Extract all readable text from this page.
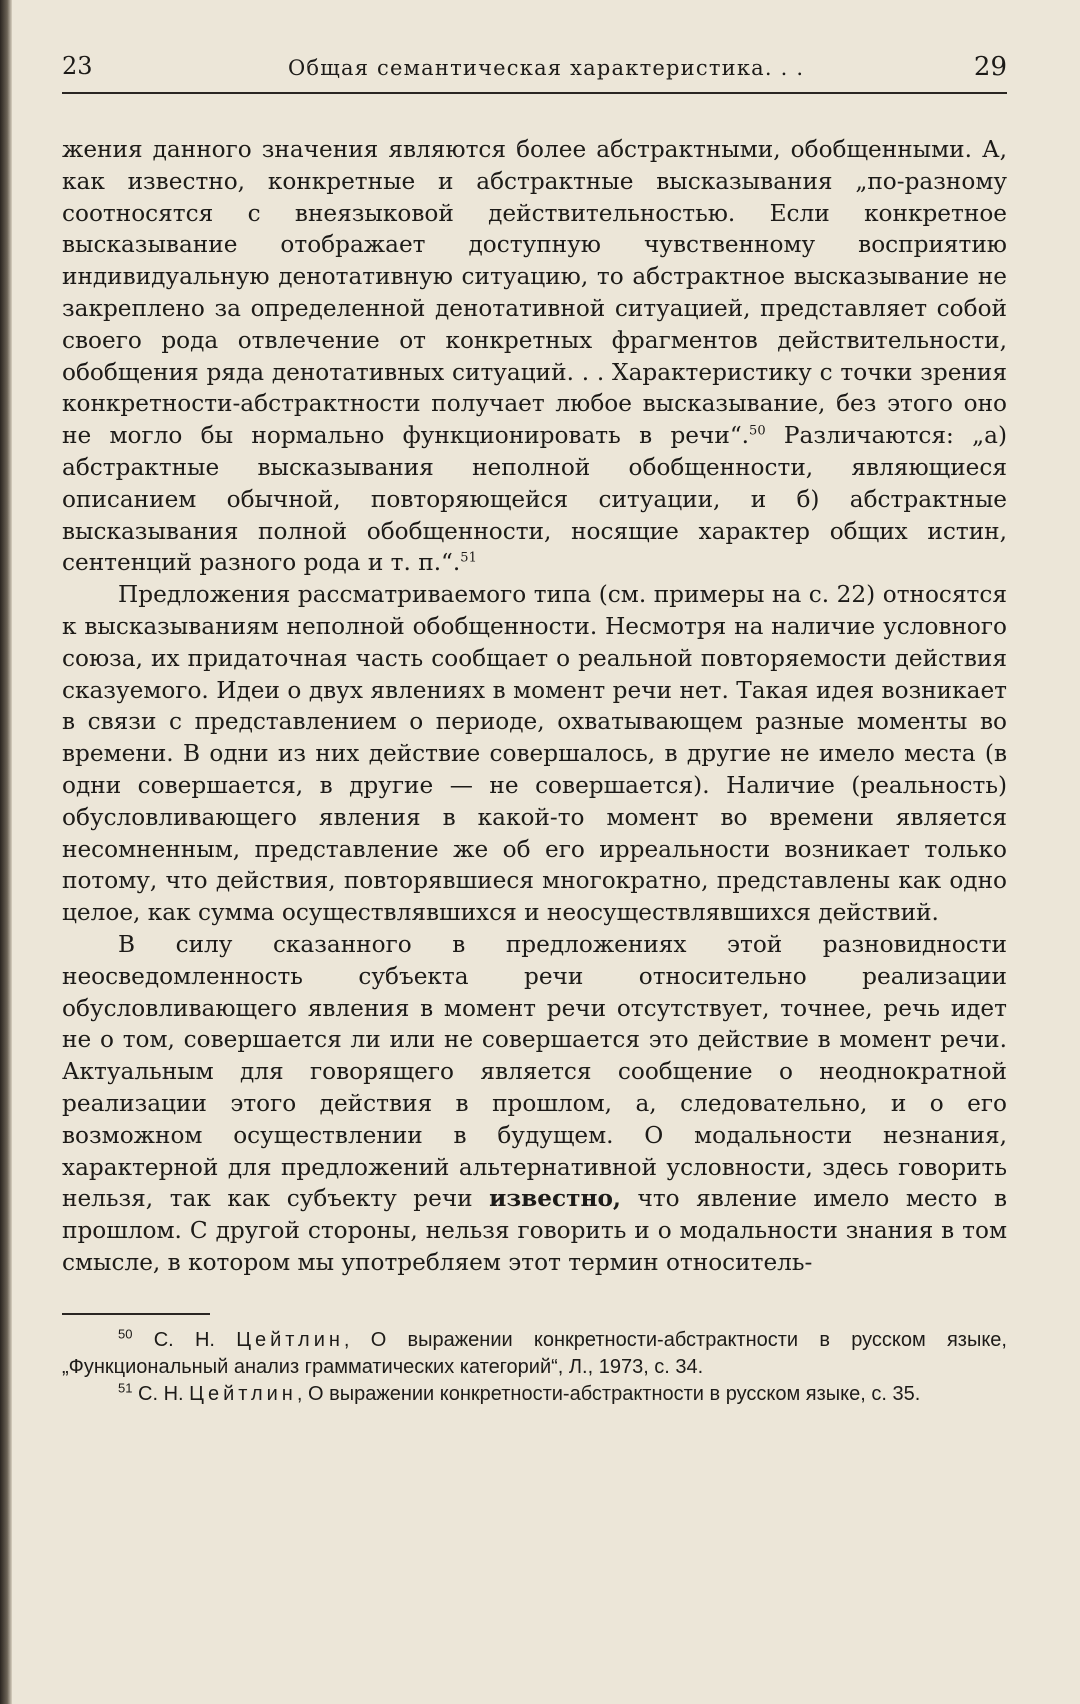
23	Общая семантическая характеристика. . .	29

жения данного значения являются более абстрактными, обобщенными. А, как известно, конкретные и абстрактные высказывания „по-разному соотносятся с внеязыковой действительностью. Если конкретное высказывание отображает доступную чувственному восприятию индивидуальную денотативную ситуацию, то абстрактное высказывание не закреплено за определенной денотативной ситуацией, представляет собой своего рода отвлечение от конкретных фрагментов действительности, обобщения ряда денотативных ситуаций. . . Характеристику с точки зрения конкретности-абстрактности получает любое высказывание, без этого оно не могло бы нормально функционировать в речи“.$^{50}$ Различаются: „а) абстрактные высказывания неполной обобщенности, являющиеся описанием обычной, повторяющейся ситуации, и б) абстрактные высказывания полной обобщенности, носящие характер общих истин, сентенций разного рода и т. п.“.$^{51}$

Предложения рассматриваемого типа (см. примеры на с. 22) относятся к высказываниям неполной обобщенности. Несмотря на наличие условного союза, их придаточная часть сообщает о реальной повторяемости действия сказуемого. Идеи о двух явлениях в момент речи нет. Такая идея возникает в связи с представлением о периоде, охватывающем разные моменты во времени. В одни из них действие совершалось, в другие не имело места (в одни совершается, в другие — не совершается). Наличие (реальность) обусловливающего явления в какой-то момент во времени является несомненным, представление же об его ирреальности возникает только потому, что действия, повторявшиеся многократно, представлены как одно целое, как сумма осуществлявшихся и неосуществлявшихся действий.

В силу сказанного в предложениях этой разновидности неосведомленность субъекта речи относительно реализации обусловливающего явления в момент речи отсутствует, точнее, речь идет не о том, совершается ли или не совершается это действие в момент речи. Актуальным для говорящего является сообщение о неоднократной реализации этого действия в прошлом, а, следовательно, и о его возможном осуществлении в будущем. О модальности незнания, характерной для предложений альтернативной условности, здесь говорить нельзя, так как субъекту речи известно, что явление имело место в прошлом. С другой стороны, нельзя говорить и о модальности знания в том смысле, в котором мы употребляем этот термин относитель-

$^{50}$ С. Н. Цейтлин, О выражении конкретности-абстрактности в русском языке, „Функциональный анализ грамматических категорий“, Л., 1973, с. 34.

$^{51}$ С. Н. Цейтлин, О выражении конкретности-абстрактности в русском языке, с. 35.
